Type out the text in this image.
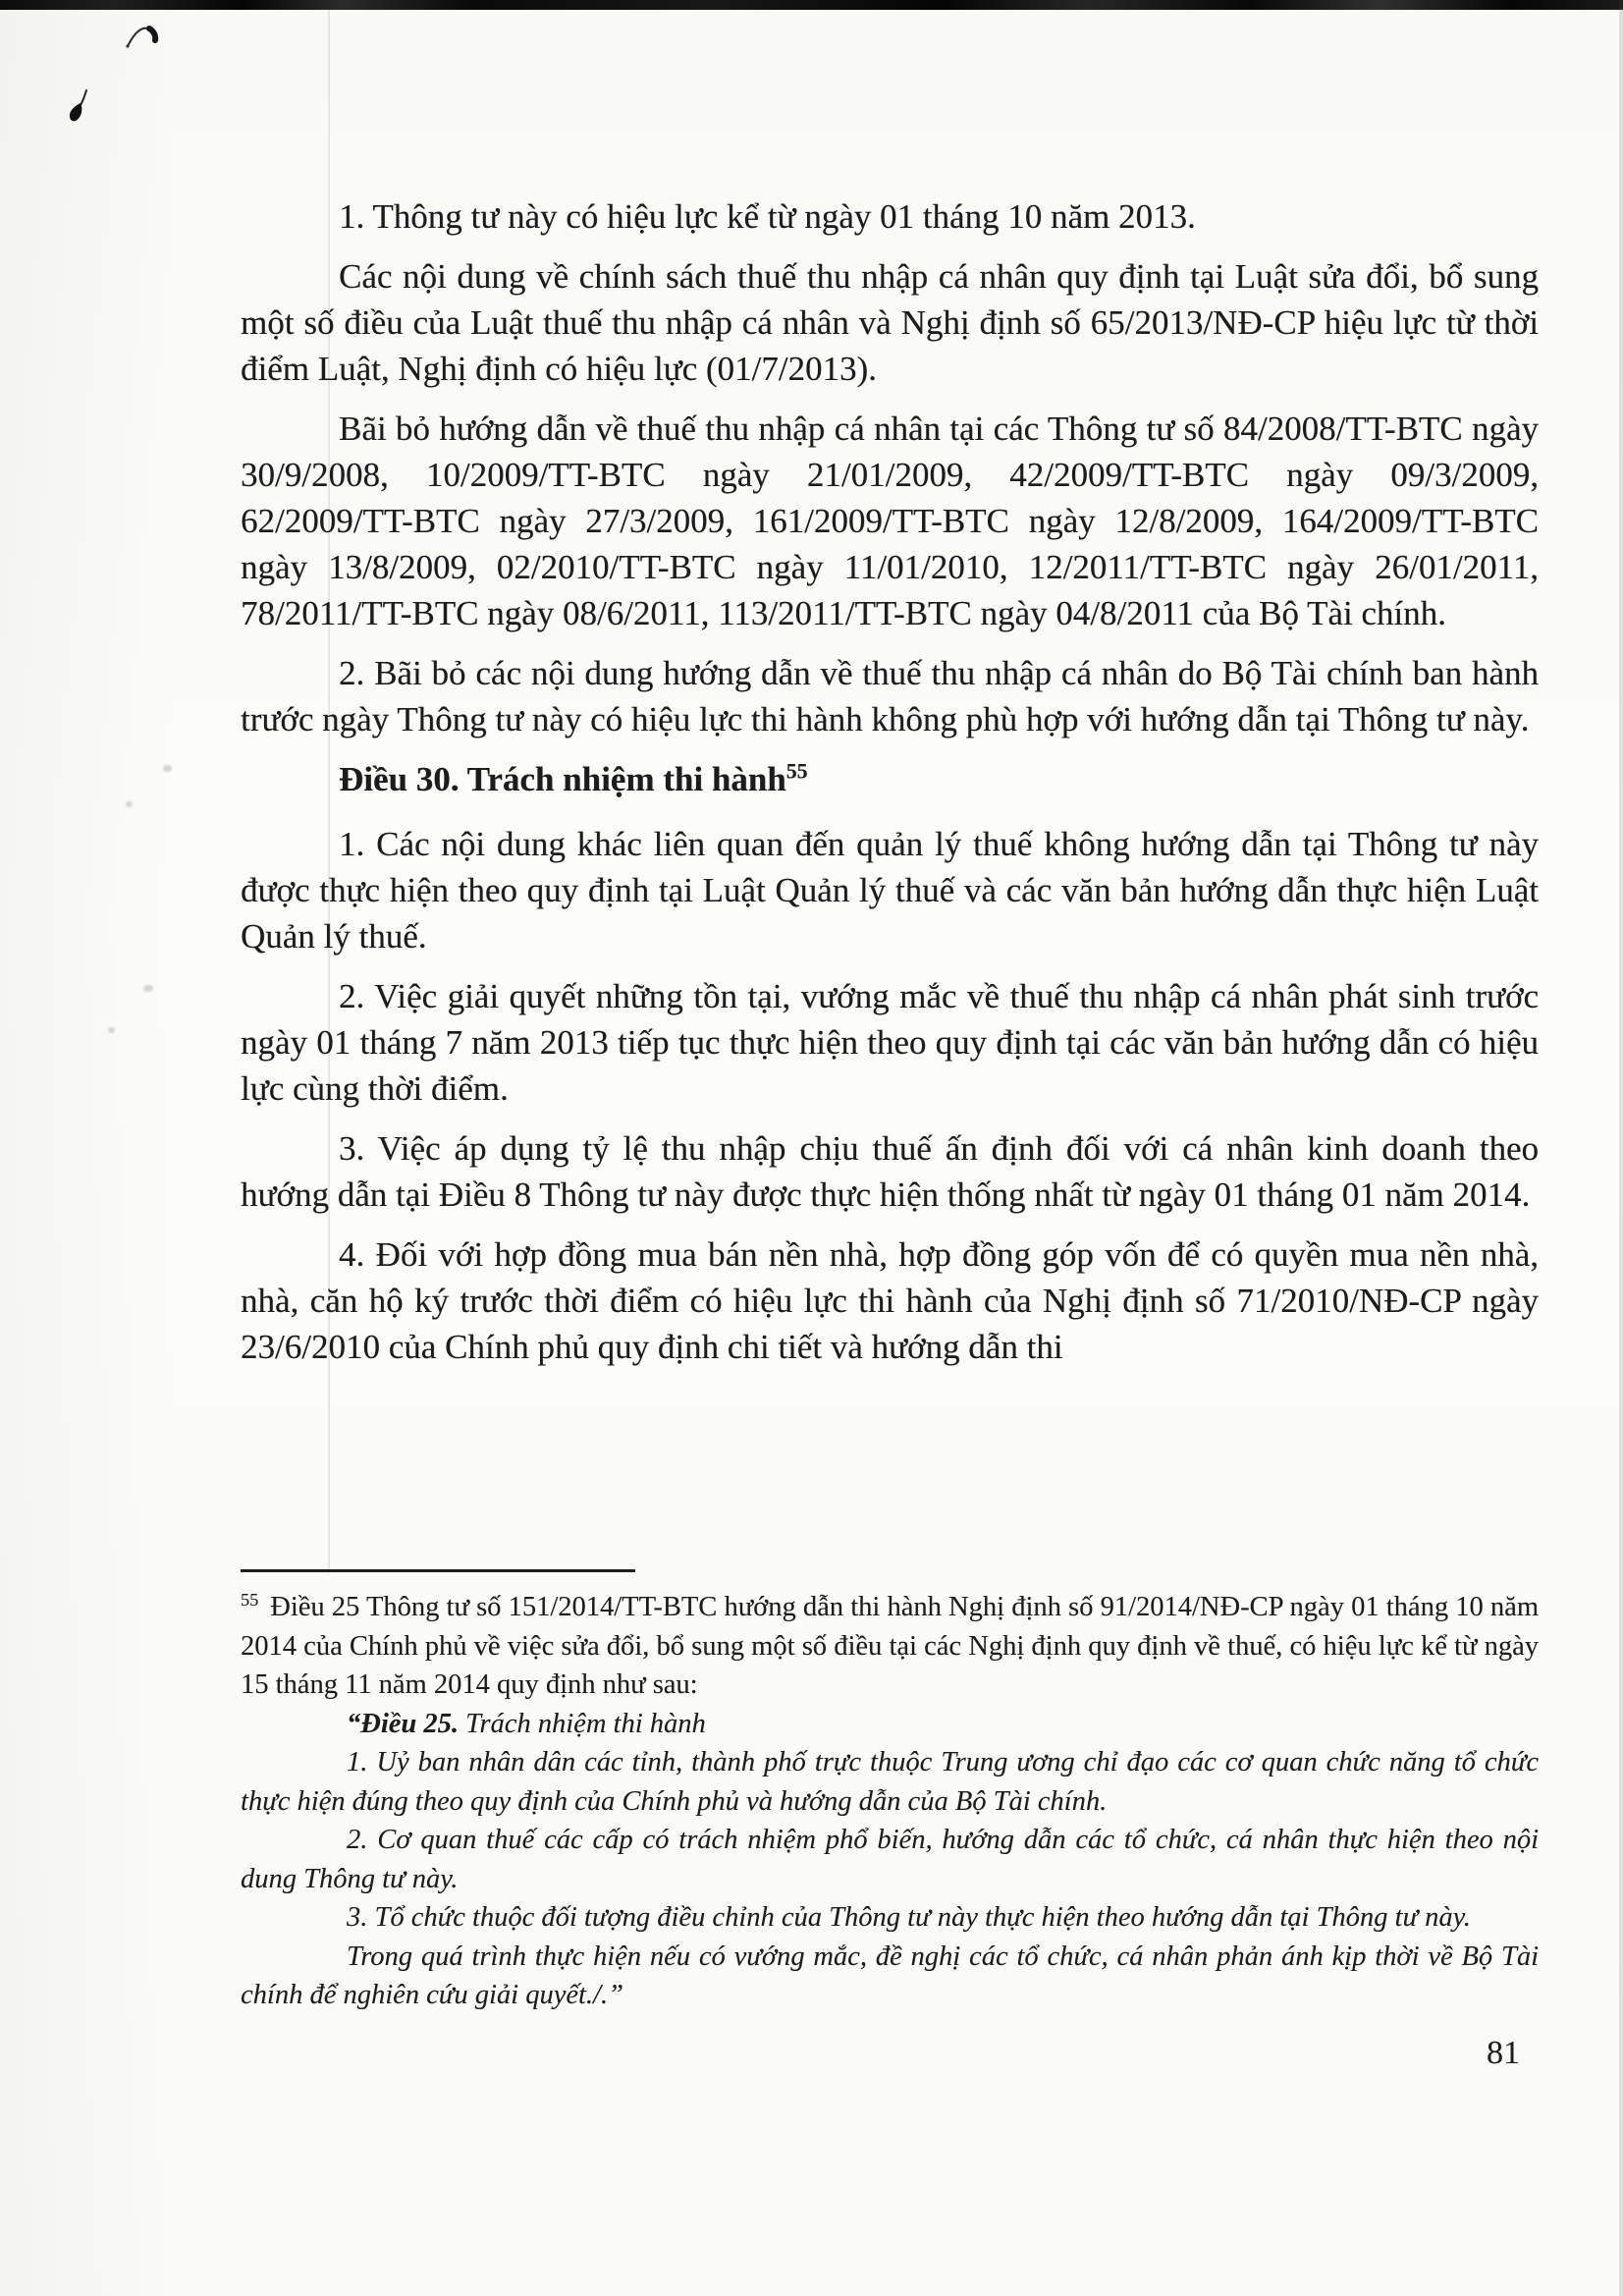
1. Thông tư này có hiệu lực kể từ ngày 01 tháng 10 năm 2013.

Các nội dung về chính sách thuế thu nhập cá nhân quy định tại Luật sửa đổi, bổ sung một số điều của Luật thuế thu nhập cá nhân và Nghị định số 65/2013/NĐ-CP hiệu lực từ thời điểm Luật, Nghị định có hiệu lực (01/7/2013).

Bãi bỏ hướng dẫn về thuế thu nhập cá nhân tại các Thông tư số 84/2008/TT-BTC ngày 30/9/2008, 10/2009/TT-BTC ngày 21/01/2009, 42/2009/TT-BTC ngày 09/3/2009, 62/2009/TT-BTC ngày 27/3/2009, 161/2009/TT-BTC ngày 12/8/2009, 164/2009/TT-BTC ngày 13/8/2009, 02/2010/TT-BTC ngày 11/01/2010, 12/2011/TT-BTC ngày 26/01/2011, 78/2011/TT-BTC ngày 08/6/2011, 113/2011/TT-BTC ngày 04/8/2011 của Bộ Tài chính.

2. Bãi bỏ các nội dung hướng dẫn về thuế thu nhập cá nhân do Bộ Tài chính ban hành trước ngày Thông tư này có hiệu lực thi hành không phù hợp với hướng dẫn tại Thông tư này.

Điều 30. Trách nhiệm thi hành$^{55}$

1. Các nội dung khác liên quan đến quản lý thuế không hướng dẫn tại Thông tư này được thực hiện theo quy định tại Luật Quản lý thuế và các văn bản hướng dẫn thực hiện Luật Quản lý thuế.

2. Việc giải quyết những tồn tại, vướng mắc về thuế thu nhập cá nhân phát sinh trước ngày 01 tháng 7 năm 2013 tiếp tục thực hiện theo quy định tại các văn bản hướng dẫn có hiệu lực cùng thời điểm.

3. Việc áp dụng tỷ lệ thu nhập chịu thuế ấn định đối với cá nhân kinh doanh theo hướng dẫn tại Điều 8 Thông tư này được thực hiện thống nhất từ ngày 01 tháng 01 năm 2014.

4. Đối với hợp đồng mua bán nền nhà, hợp đồng góp vốn để có quyền mua nền nhà, nhà, căn hộ ký trước thời điểm có hiệu lực thi hành của Nghị định số 71/2010/NĐ-CP ngày 23/6/2010 của Chính phủ quy định chi tiết và hướng dẫn thi

$^{55}$ Điều 25 Thông tư số 151/2014/TT-BTC hướng dẫn thi hành Nghị định số 91/2014/NĐ-CP ngày 01 tháng 10 năm 2014 của Chính phủ về việc sửa đổi, bổ sung một số điều tại các Nghị định quy định về thuế, có hiệu lực kể từ ngày 15 tháng 11 năm 2014 quy định như sau:

“Điều 25. Trách nhiệm thi hành

1. Uỷ ban nhân dân các tỉnh, thành phố trực thuộc Trung ương chỉ đạo các cơ quan chức năng tổ chức thực hiện đúng theo quy định của Chính phủ và hướng dẫn của Bộ Tài chính.

2. Cơ quan thuế các cấp có trách nhiệm phổ biến, hướng dẫn các tổ chức, cá nhân thực hiện theo nội dung Thông tư này.

3. Tổ chức thuộc đối tượng điều chỉnh của Thông tư này thực hiện theo hướng dẫn tại Thông tư này.

Trong quá trình thực hiện nếu có vướng mắc, đề nghị các tổ chức, cá nhân phản ánh kịp thời về Bộ Tài chính để nghiên cứu giải quyết./.”

81
